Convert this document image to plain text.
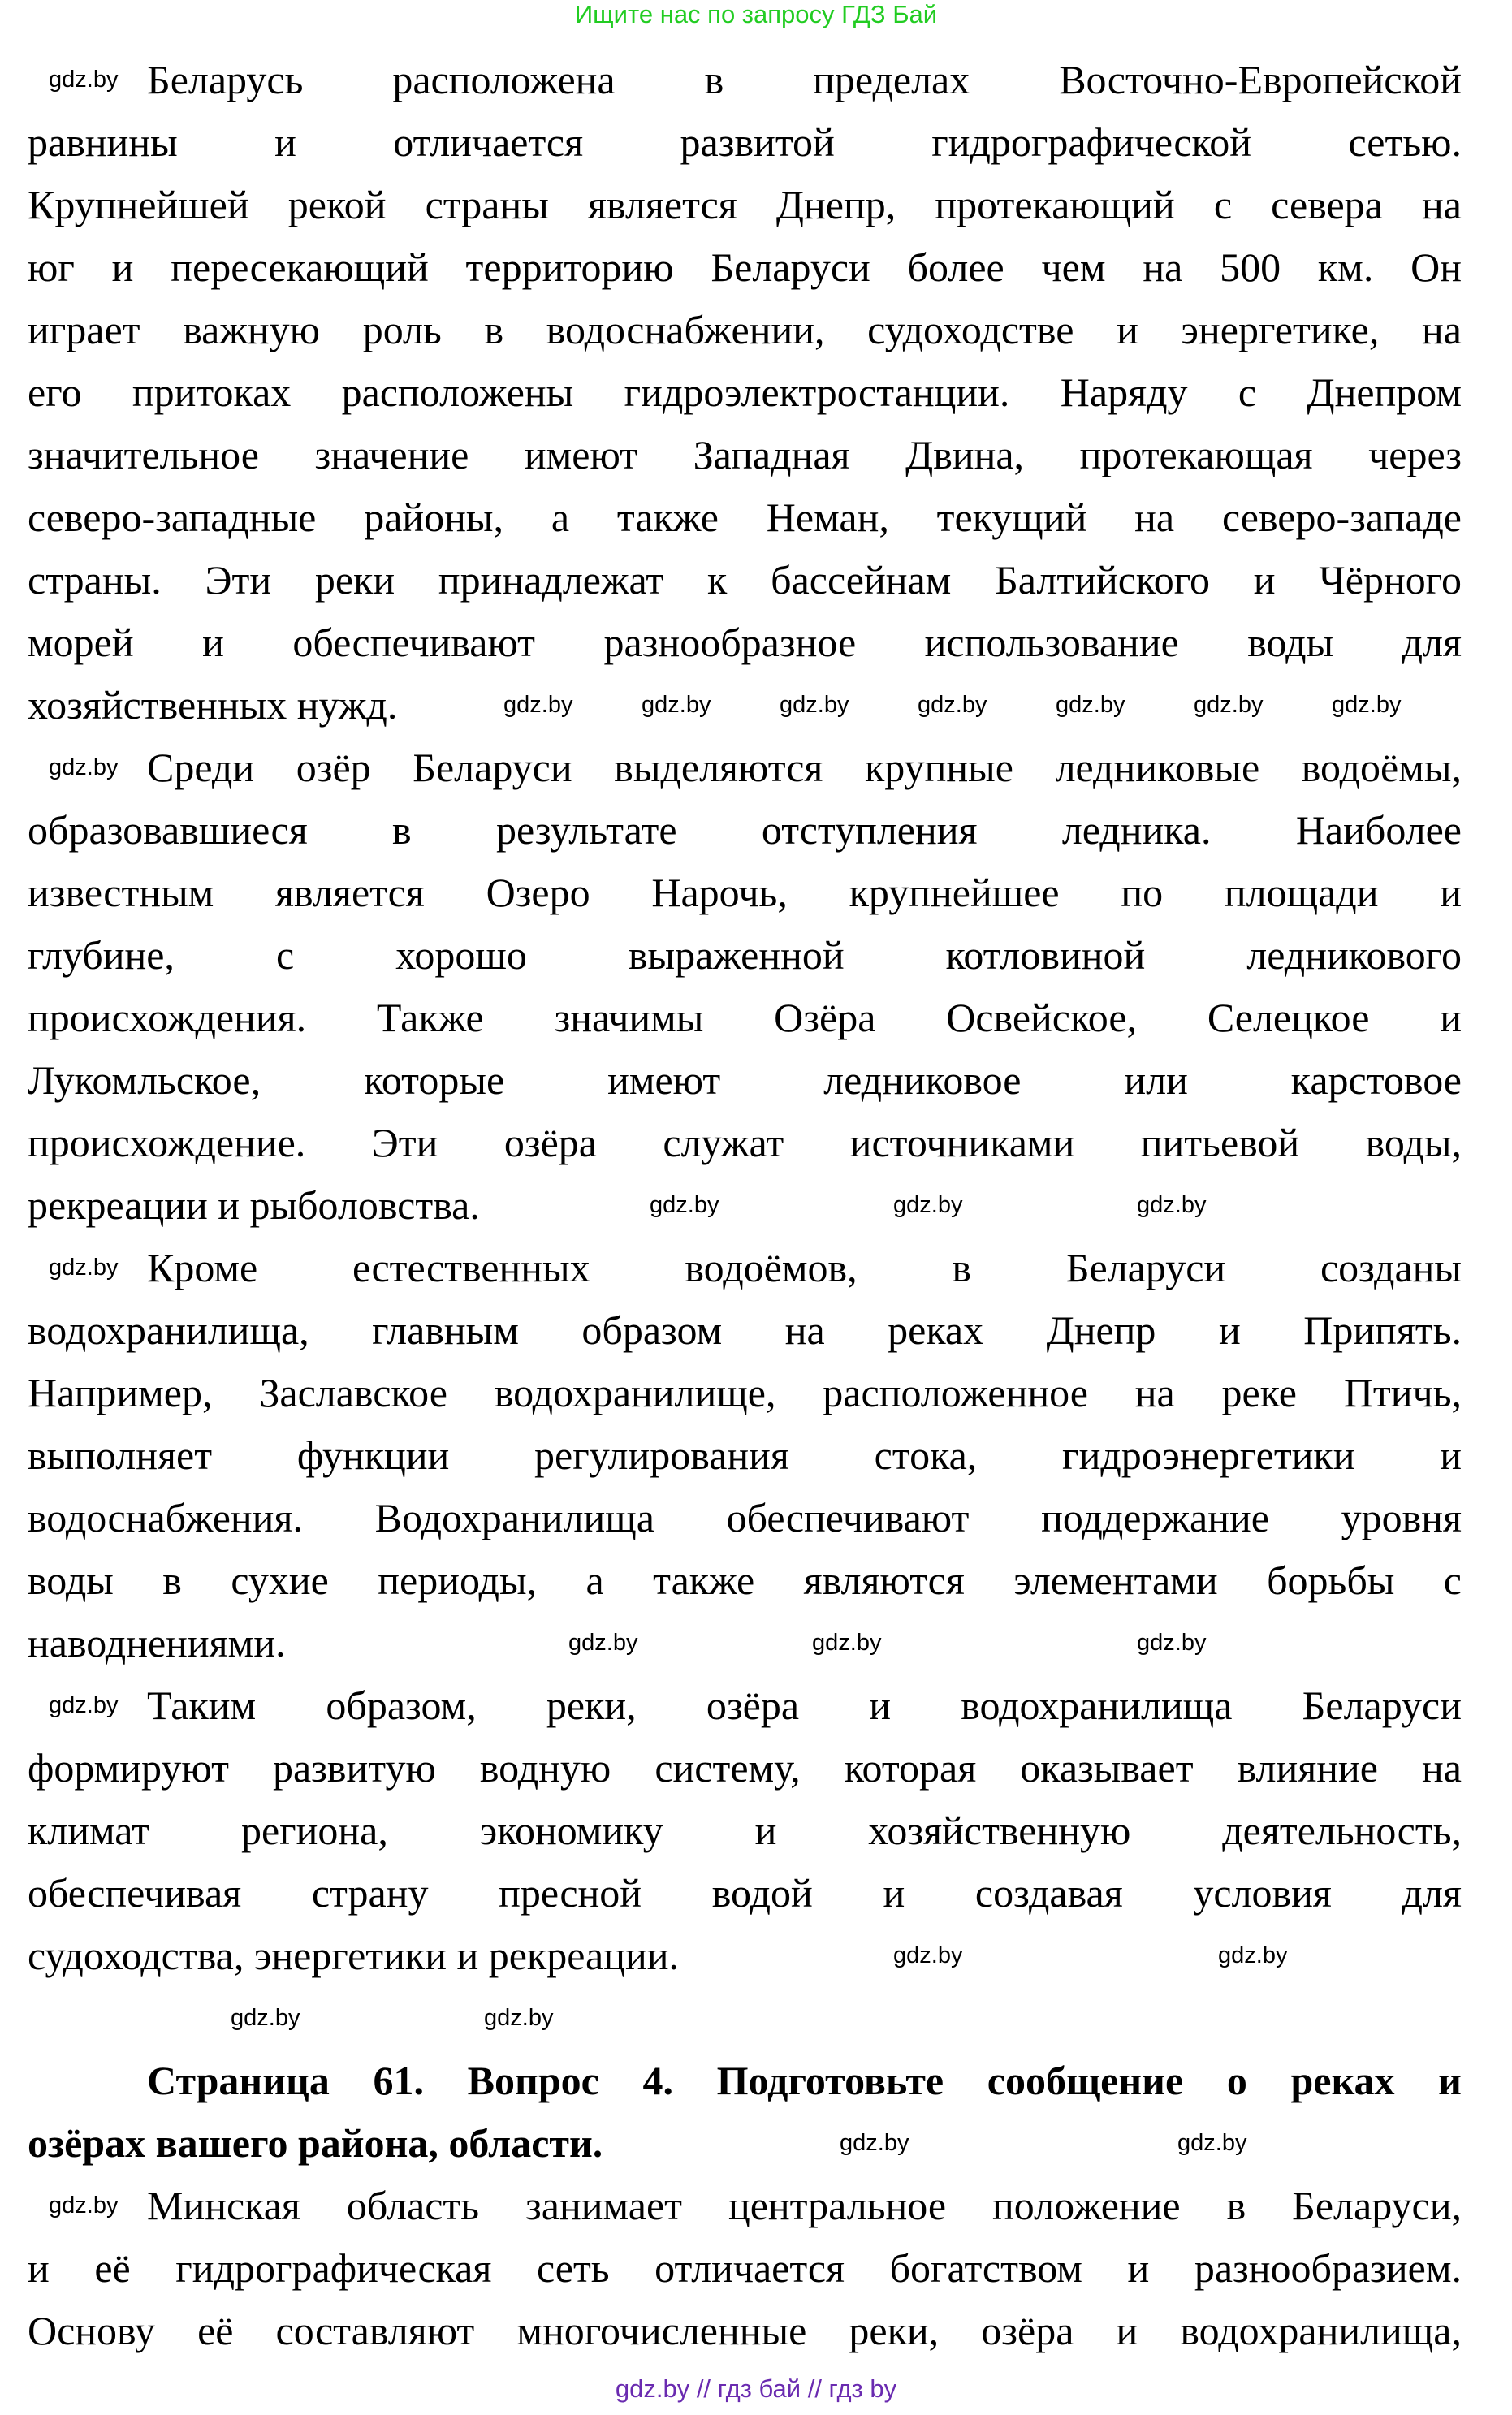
Ищите нас по запросу ГДЗ Бай
Беларусь расположена в пределах Восточно-Европейской
равнины и отличается развитой гидрографической сетью.
Крупнейшей рекой страны является Днепр, протекающий с севера на
юг и пересекающий территорию Беларуси более чем на 500 км. Он
играет важную роль в водоснабжении, судоходстве и энергетике, на
его притоках расположены гидроэлектростанции. Наряду с Днепром
значительное значение имеют Западная Двина, протекающая через
северо-западные районы, а также Неман, текущий на северо-западе
страны. Эти реки принадлежат к бассейнам Балтийского и Чёрного
морей и обеспечивают разнообразное использование воды для
хозяйственных нужд.
Среди озёр Беларуси выделяются крупные ледниковые водоёмы,
образовавшиеся в результате отступления ледника. Наиболее
известным является Озеро Нарочь, крупнейшее по площади и
глубине, с хорошо выраженной котловиной ледникового
происхождения. Также значимы Озёра Освейское, Селецкое и
Лукомльское, которые имеют ледниковое или карстовое
происхождение. Эти озёра служат источниками питьевой воды,
рекреации и рыболовства.
Кроме естественных водоёмов, в Беларуси созданы
водохранилища, главным образом на реках Днепр и Припять.
Например, Заславское водохранилище, расположенное на реке Птичь,
выполняет функции регулирования стока, гидроэнергетики и
водоснабжения. Водохранилища обеспечивают поддержание уровня
воды в сухие периоды, а также являются элементами борьбы с
наводнениями.
Таким образом, реки, озёра и водохранилища Беларуси
формируют развитую водную систему, которая оказывает влияние на
климат региона, экономику и хозяйственную деятельность,
обеспечивая страну пресной водой и создавая условия для
судоходства, энергетики и рекреации.
Страница 61. Вопрос 4. Подготовьте сообщение о реках и
озёрах вашего района, области.
Минская область занимает центральное положение в Беларуси,
и её гидрографическая сеть отличается богатством и разнообразием.
Основу её составляют многочисленные реки, озёра и водохранилища,
gdz.by
gdz.by	gdz.by	gdz.by	gdz.by	gdz.by	gdz.by	gdz.by
gdz.by
gdz.by	gdz.by	gdz.by
gdz.by
gdz.by	gdz.by	gdz.by
gdz.by
gdz.by	gdz.by
gdz.by
gdz.by
gdz.by
gdz.by
gdz.by
gdz.by // гдз бай // гдз by
